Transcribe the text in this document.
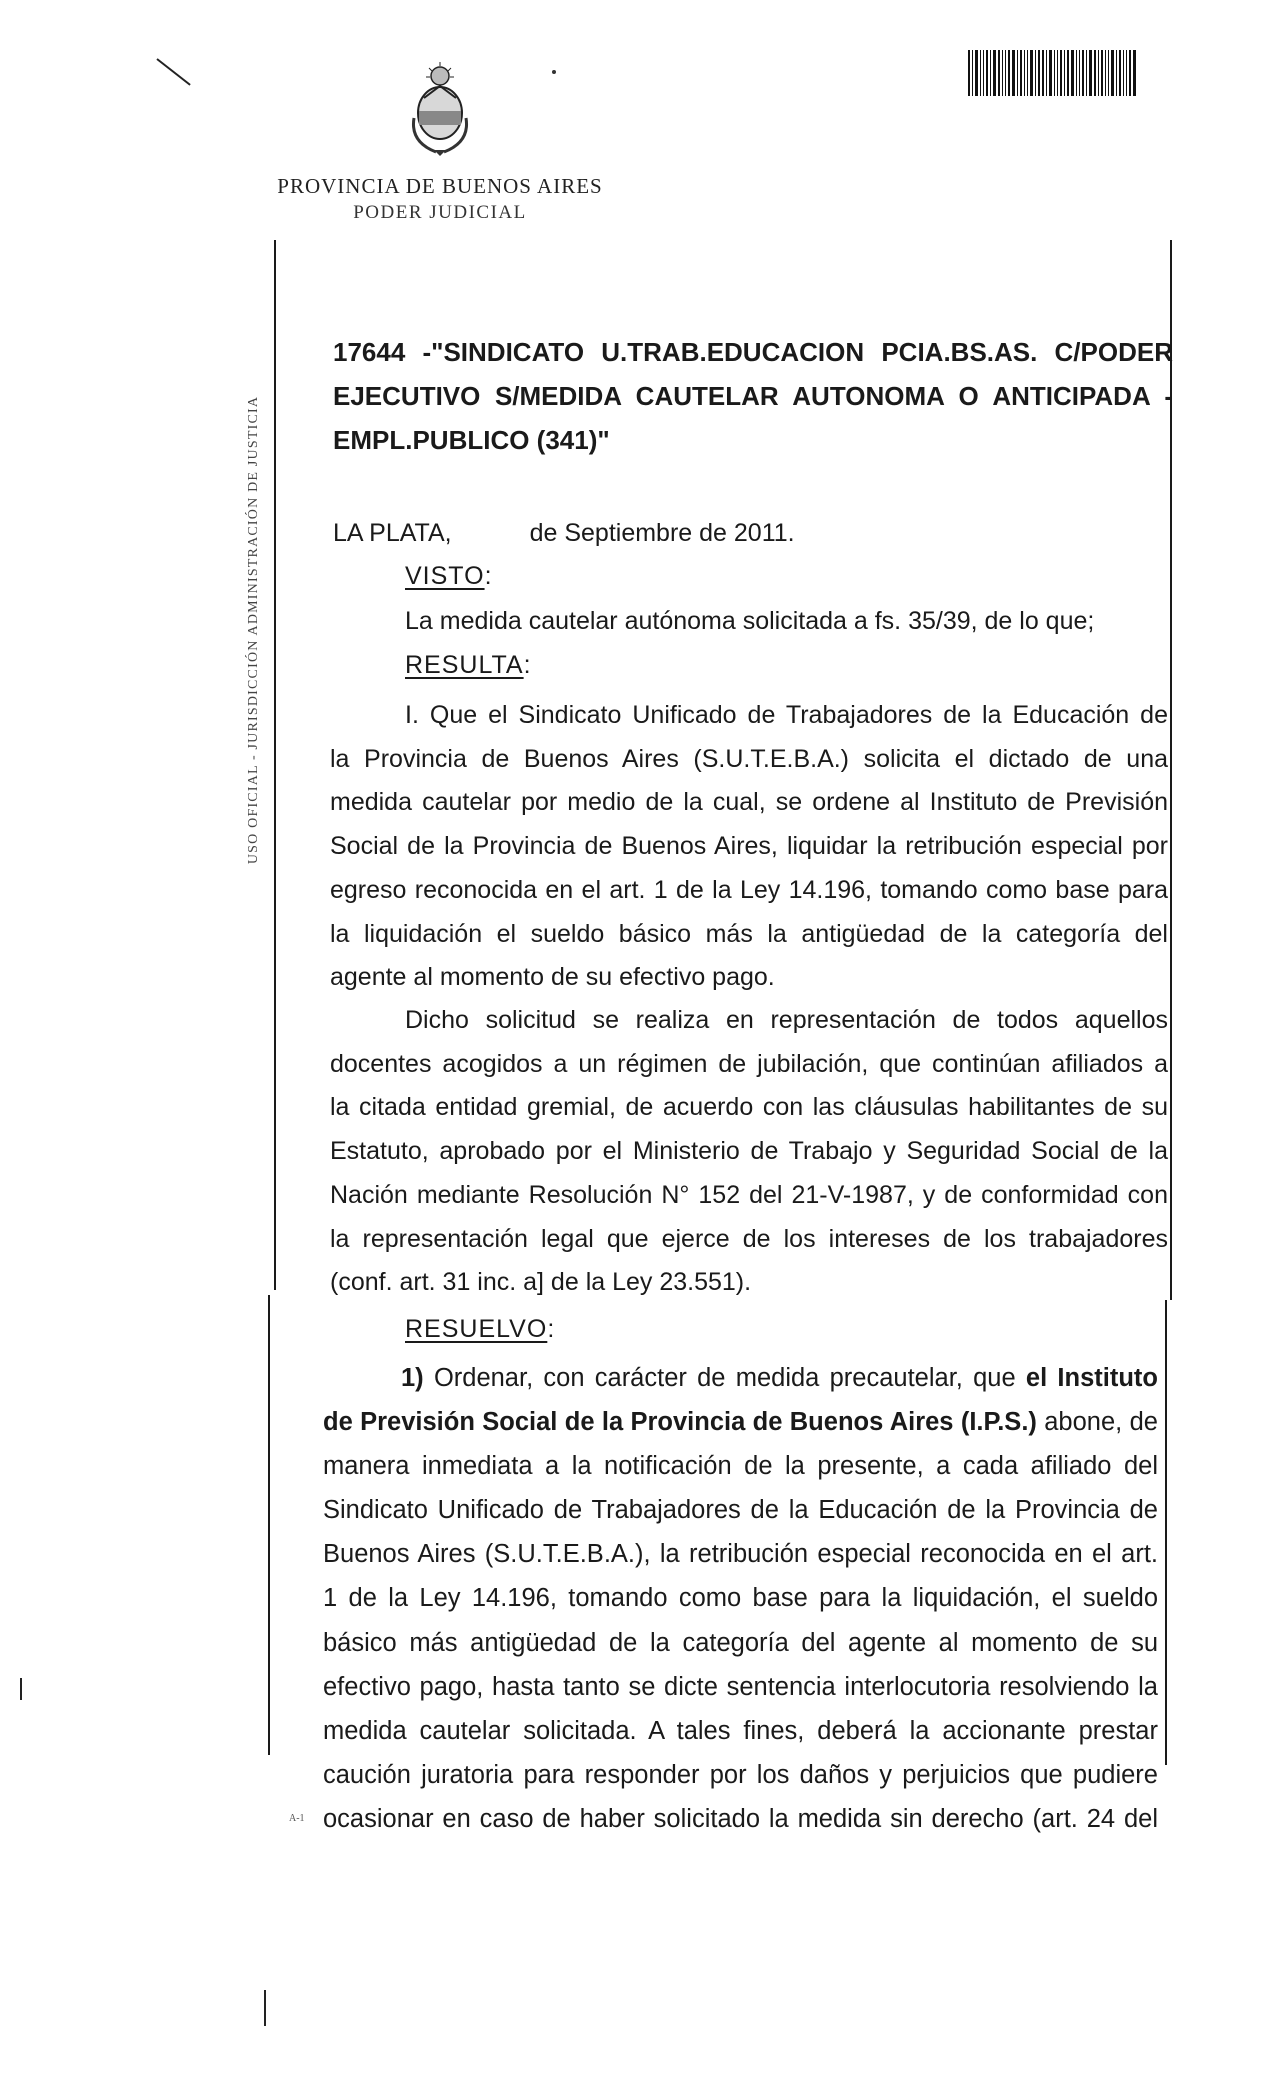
PROVINCIA DE BUENOS AIRES
PODER JUDICIAL
USO OFICIAL - JURISDICCIÓN ADMINISTRACIÓN DE JUSTICIA
17644 -"SINDICATO U.TRAB.EDUCACION PCIA.BS.AS. C/PODER
EJECUTIVO S/MEDIDA CAUTELAR AUTONOMA O ANTICIPADA -
EMPL.PUBLICO (341)"
LA PLATA,	de Septiembre de 2011.
VISTO:
La medida cautelar autónoma solicitada a fs. 35/39, de lo que;
RESULTA:
I. Que el Sindicato Unificado de Trabajadores de la Educación de
la Provincia de Buenos Aires (S.U.T.E.B.A.) solicita el dictado de una
medida cautelar por medio de la cual, se ordene al Instituto de Previsión
Social de la Provincia de Buenos Aires, liquidar la retribución especial por
egreso reconocida en el art. 1 de la Ley 14.196, tomando como base para
la liquidación el sueldo básico más la antigüedad de la categoría del
agente al momento de su efectivo pago.
Dicho solicitud se realiza en representación de todos aquellos
docentes acogidos a un régimen de jubilación, que continúan afiliados a
la citada entidad gremial, de acuerdo con las cláusulas habilitantes de su
Estatuto, aprobado por el Ministerio de Trabajo y Seguridad Social de la
Nación mediante Resolución N° 152 del 21-V-1987, y de conformidad con
la representación legal que ejerce de los intereses de los trabajadores
(conf. art. 31 inc. a] de la Ley 23.551).
RESUELVO:
1) Ordenar, con carácter de medida precautelar, que el Instituto
de Previsión Social de la Provincia de Buenos Aires (I.P.S.) abone, de
manera inmediata a la notificación de la presente, a cada afiliado del
Sindicato Unificado de Trabajadores de la Educación de la Provincia de
Buenos Aires (S.U.T.E.B.A.), la retribución especial reconocida en el art.
1 de la Ley 14.196, tomando como base para la liquidación, el sueldo
básico más antigüedad de la categoría del agente al momento de su
efectivo pago, hasta tanto se dicte sentencia interlocutoria resolviendo la
medida cautelar solicitada. A tales fines, deberá la accionante prestar
caución juratoria para responder por los daños y perjuicios que pudiere
ocasionar en caso de haber solicitado la medida sin derecho (art. 24 del
A-1
